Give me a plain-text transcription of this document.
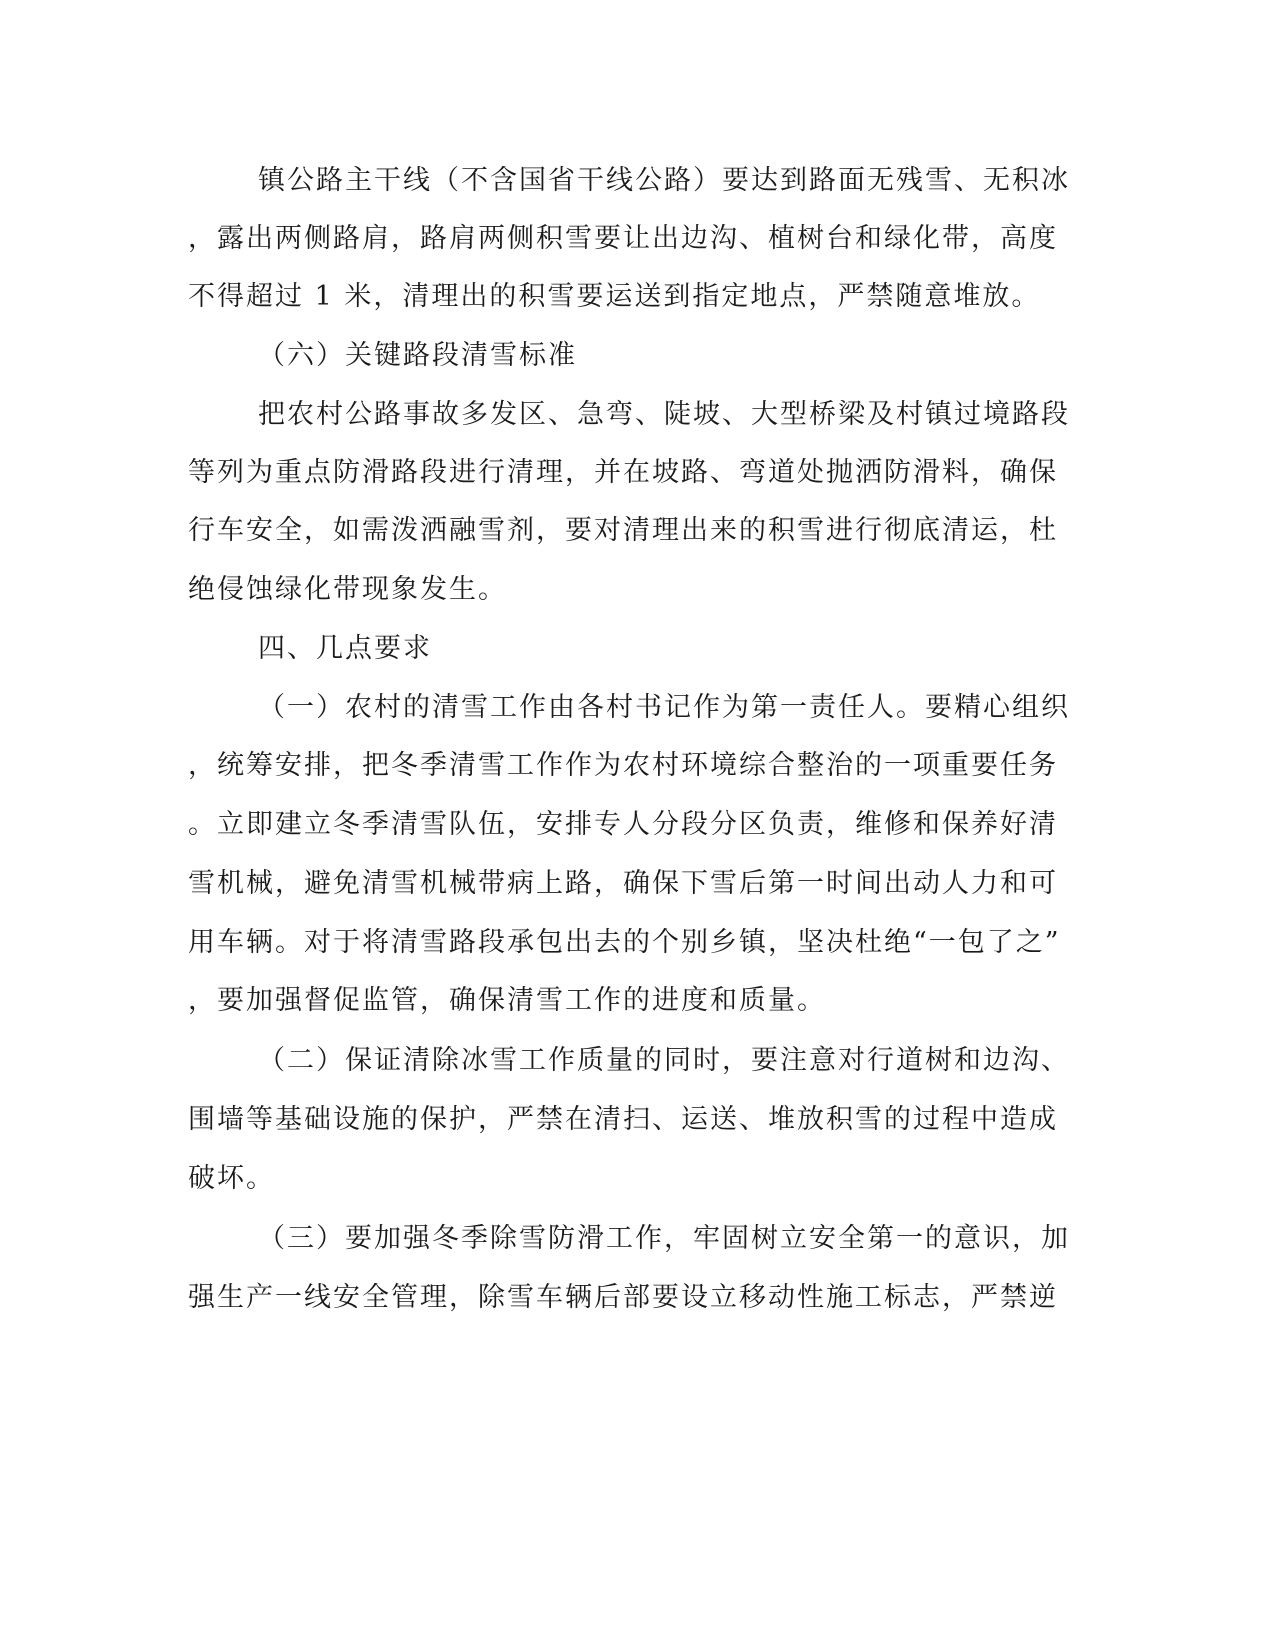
镇公路主干线（不含国省干线公路）要达到路面无残雪、无积冰
，露出两侧路肩，路肩两侧积雪要让出边沟、植树台和绿化带，高度
不得超过 1 米，清理出的积雪要运送到指定地点，严禁随意堆放。
（六）关键路段清雪标准
把农村公路事故多发区、急弯、陡坡、大型桥梁及村镇过境路段
等列为重点防滑路段进行清理，并在坡路、弯道处抛洒防滑料，确保
行车安全，如需泼洒融雪剂，要对清理出来的积雪进行彻底清运，杜
绝侵蚀绿化带现象发生。
四、几点要求
（一）农村的清雪工作由各村书记作为第一责任人。要精心组织
，统筹安排，把冬季清雪工作作为农村环境综合整治的一项重要任务
。立即建立冬季清雪队伍，安排专人分段分区负责，维修和保养好清
雪机械，避免清雪机械带病上路，确保下雪后第一时间出动人力和可
用车辆。对于将清雪路段承包出去的个别乡镇，坚决杜绝“一包了之”
，要加强督促监管，确保清雪工作的进度和质量。
（二）保证清除冰雪工作质量的同时，要注意对行道树和边沟、
围墙等基础设施的保护，严禁在清扫、运送、堆放积雪的过程中造成
破坏。
（三）要加强冬季除雪防滑工作，牢固树立安全第一的意识，加
强生产一线安全管理，除雪车辆后部要设立移动性施工标志，严禁逆
